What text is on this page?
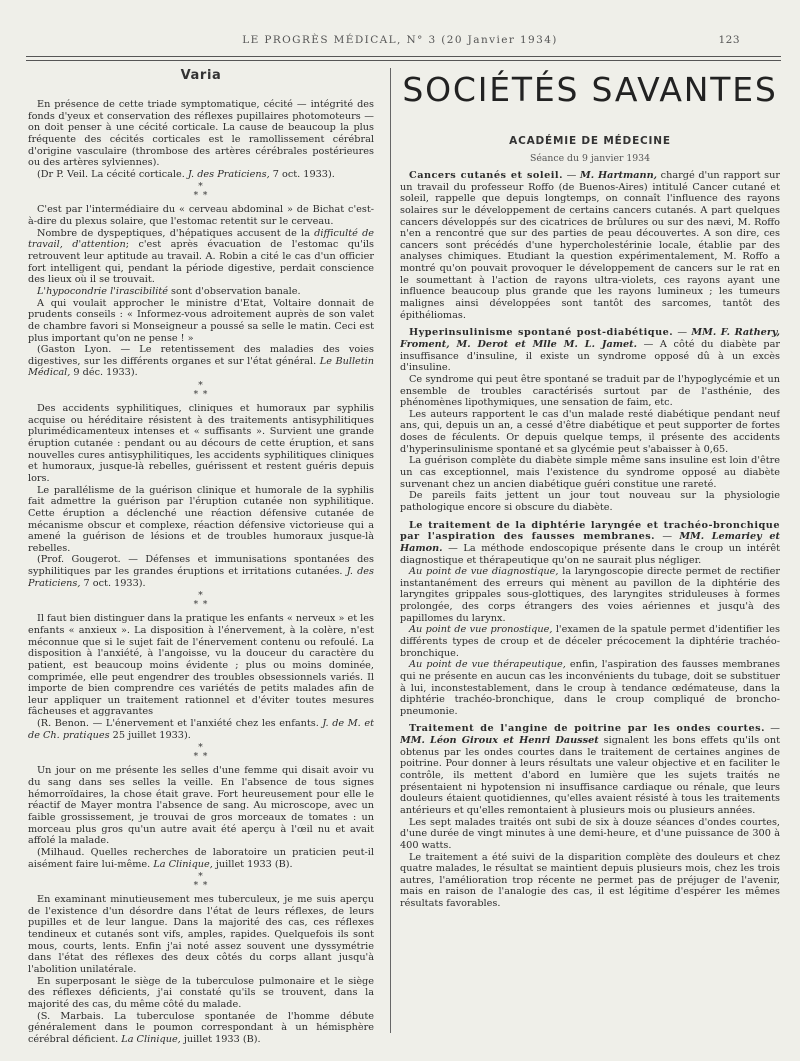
LE PROGRÈS MÉDICAL, N° 3 (20 Janvier 1934)	123
Varia

En présence de cette triade symptomatique, cécité — intégrité des fonds d'yeux et conservation des réflexes pupillaires photomoteurs — on doit penser à une cécité corticale. La cause de beaucoup la plus fréquente des cécités corticales est le ramollissement cérébral d'origine vasculaire (thrombose des artères cérébrales postérieures ou des artères sylviennes).

(Dr P. Veil. La cécité corticale. J. des Praticiens, 7 oct. 1933).

*
* *

C'est par l'intermédiaire du « cerveau abdominal » de Bichat c'est-à-dire du plexus solaire, que l'estomac retentit sur le cerveau.

Nombre de dyspeptiques, d'hépatiques accusent de la difficulté de travail, d'attention; c'est après évacuation de l'estomac qu'ils retrouvent leur aptitude au travail. A. Robin a cité le cas d'un officier fort intelligent qui, pendant la période digestive, perdait conscience des lieux où il se trouvait.

L'hypocondrie l'irascibilité sont d'observation banale.

A qui voulait approcher le ministre d'Etat, Voltaire donnait de prudents conseils : « Informez-vous adroitement auprès de son valet de chambre favori si Monseigneur a poussé sa selle le matin. Ceci est plus important qu'on ne pense ! »

(Gaston Lyon. — Le retentissement des maladies des voies digestives, sur les différents organes et sur l'état général. Le Bulletin Médical, 9 déc. 1933).

*
* *

Des accidents syphilitiques, cliniques et humoraux par syphilis acquise ou héréditaire résistent à des traitements antisyphilitiques plurimédicamenteux intenses et « suffisants ». Survient une grande éruption cutanée : pendant ou au décours de cette éruption, et sans nouvelles cures antisyphilitiques, les accidents syphilitiques cliniques et humoraux, jusque-là rebelles, guérissent et restent guéris depuis lors.

Le parallélisme de la guérison clinique et humorale de la syphilis fait admettre la guérison par l'éruption cutanée non syphilitique. Cette éruption a déclenché une réaction défensive cutanée de mécanisme obscur et complexe, réaction défensive victorieuse qui a amené la guérison de lésions et de troubles humoraux jusque-là rebelles.

(Prof. Gougerot. — Défenses et immunisations spontanées des syphilitiques par les grandes éruptions et irritations cutanées. J. des Praticiens, 7 oct. 1933).

*
* *

Il faut bien distinguer dans la pratique les enfants « nerveux » et les enfants « anxieux ». La disposition à l'énervement, à la colère, n'est méconnue que si le sujet fait de l'énervement contenu ou refoulé. La disposition à l'anxiété, à l'angoisse, vu la douceur du caractère du patient, est beaucoup moins évidente ; plus ou moins dominée, comprimée, elle peut engendrer des troubles obsessionnels variés. Il importe de bien comprendre ces variétés de petits malades afin de leur appliquer un traitement rationnel et d'éviter toutes mesures fâcheuses et aggravantes

(R. Benon. — L'énervement et l'anxiété chez les enfants. J. de M. et de Ch. pratiques 25 juillet 1933).

*
* *

Un jour on me présente les selles d'une femme qui disait avoir vu du sang dans ses selles la veille. En l'absence de tous signes hémorroïdaires, la chose était grave. Fort heureusement pour elle le réactif de Mayer montra l'absence de sang. Au microscope, avec un faible grossissement, je trouvai de gros morceaux de tomates : un morceau plus gros qu'un autre avait été aperçu à l'œil nu et avait affolé la malade.

(Milhaud. Quelles recherches de laboratoire un praticien peut-il aisément faire lui-même. La Clinique, juillet 1933 (B).

*
* *

En examinant minutieusement mes tuberculeux, je me suis aperçu de l'existence d'un désordre dans l'état de leurs réflexes, de leurs pupilles et de leur langue. Dans la majorité des cas, ces réflexes tendineux et cutanés sont vifs, amples, rapides. Quelquefois ils sont mous, courts, lents. Enfin j'ai noté assez souvent une dyssymétrie dans l'état des réflexes des deux côtés du corps allant jusqu'à l'abolition unilatérale.

En superposant le siège de la tuberculose pulmonaire et le siège des réflexes déficients, j'ai constaté qu'ils se trouvent, dans la majorité des cas, du même côté du malade.

(S. Marbais. La tuberculose spontanée de l'homme débute généralement dans le poumon correspondant à un hémisphère cérébral déficient. La Clinique, juillet 1933 (B).

SOCIÉTÉS SAVANTES
ACADÉMIE DE MÉDECINE
Séance du 9 janvier 1934

Cancers cutanés et soleil. — M. Hartmann, chargé d'un rapport sur un travail du professeur Roffo (de Buenos-Aires) intitulé Cancer cutané et soleil, rappelle que depuis longtemps, on connaît l'influence des rayons solaires sur le développement de certains cancers cutanés. A part quelques cancers développés sur des cicatrices de brûlures ou sur des nævi, M. Roffo n'en a rencontré que sur des parties de peau découvertes. A son dire, ces cancers sont précédés d'une hypercholestérinie locale, établie par des analyses chimiques. Etudiant la question expérimentalement, M. Roffo a montré qu'on pouvait provoquer le développement de cancers sur le rat en le soumettant à l'action de rayons ultra-violets, ces rayons ayant une influence beaucoup plus grande que les rayons lumineux ; les tumeurs malignes ainsi développées sont tantôt des sarcomes, tantôt des épithéliomas.

Hyperinsulinisme spontané post-diabétique. — MM. F. Rathery, Froment, M. Derot et Mlle M. L. Jamet. — A côté du diabète par insuffisance d'insuline, il existe un syndrome opposé dû à un excès d'insuline.

Ce syndrome qui peut être spontané se traduit par de l'hypoglycémie et un ensemble de troubles caractérisés surtout par de l'asthénie, des phénomènes lipothymiques, une sensation de faim, etc.

Les auteurs rapportent le cas d'un malade resté diabétique pendant neuf ans, qui, depuis un an, a cessé d'être diabétique et peut supporter de fortes doses de féculents. Or depuis quelque temps, il présente des accidents d'hyperinsulinisme spontané et sa glycémie peut s'abaisser à 0,65.

La guérison complète du diabète simple même sans insuline est loin d'être un cas exceptionnel, mais l'existence du syndrome opposé au diabète survenant chez un ancien diabétique guéri constitue une rareté.

De pareils faits jettent un jour tout nouveau sur la physiologie pathologique encore si obscure du diabète.

Le traitement de la diphtérie laryngée et trachéo-bronchique par l'aspiration des fausses membranes. — MM. Lemariey et Hamon. — La méthode endoscopique présente dans le croup un intérêt diagnostique et thérapeutique qu'on ne saurait plus négliger.

Au point de vue diagnostique, la laryngoscopie directe permet de rectifier instantanément des erreurs qui mènent au pavillon de la diphtérie des laryngites grippales sous-glottiques, des laryngites striduleuses à formes prolongée, des corps étrangers des voies aériennes et jusqu'à des papillomes du larynx.

Au point de vue pronostique, l'examen de la spatule permet d'identifier les différents types de croup et de déceler précocement la diphtérie trachéo-bronchique.

Au point de vue thérapeutique, enfin, l'aspiration des fausses membranes qui ne présente en aucun cas les inconvénients du tubage, doit se substituer à lui, inconstestablement, dans le croup à tendance œdémateuse, dans la diphtérie trachéo-bronchique, dans le croup compliqué de broncho-pneumonie.

Traitement de l'angine de poitrine par les ondes courtes. — MM. Léon Giroux et Henri Dausset signalent les bons effets qu'ils ont obtenus par les ondes courtes dans le traitement de certaines angines de poitrine. Pour donner à leurs résultats une valeur objective et en faciliter le contrôle, ils mettent d'abord en lumière que les sujets traités ne présentaient ni hypotension ni insuffisance cardiaque ou rénale, que leurs douleurs étaient quotidiennes, qu'elles avaient résisté à tous les traitements antérieurs et qu'elles remontaient à plusieurs mois ou plusieurs années.

Les sept malades traités ont subi de six à douze séances d'ondes courtes, d'une durée de vingt minutes à une demi-heure, et d'une puissance de 300 à 400 watts.

Le traitement a été suivi de la disparition complète des douleurs et chez quatre malades, le résultat se maintient depuis plusieurs mois, chez les trois autres, l'amélioration trop récente ne permet pas de préjuger de l'avenir, mais en raison de l'analogie des cas, il est légitime d'espérer les mêmes résultats favorables.
